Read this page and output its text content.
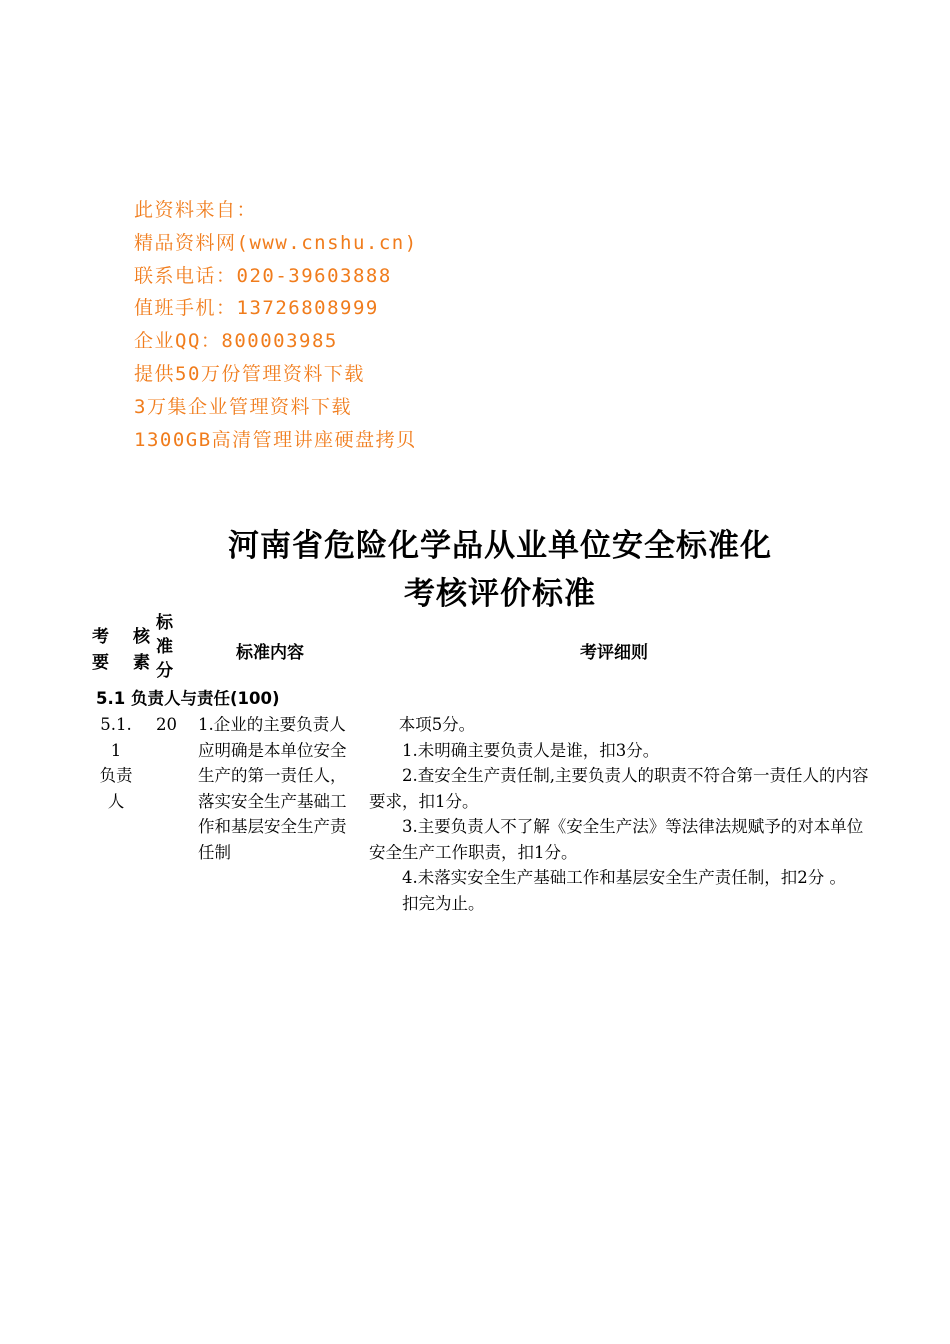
此资料来自：
精品资料网(www.cnshu.cn)
联系电话：020-39603888
值班手机：13726808999
企业QQ：800003985
提供50万份管理资料下载
3万集企业管理资料下载
1300GB高清管理讲座硬盘拷贝
河南省危险化学品从业单位安全标准化
考核评价标准
考 核
要 素
标
准
分
标准内容	考评细则
5.1 负责人与责任(100)
5.1.
1
负责
人
20 1.企业的主要负责人应明确是本单位安全生产的第一责任人，落实安全生产基础工作和基层安全生产责任制

本项5分。

1.未明确主要负责人是谁，扣3分。

2.查安全生产责任制,主要负责人的职责不符合第一责任人的内容要求，扣1分。

3.主要负责人不了解《安全生产法》等法律法规赋予的对本单位安全生产工作职责，扣1分。

4.未落实安全生产基础工作和基层安全生产责任制，扣2分 。

扣完为止。
